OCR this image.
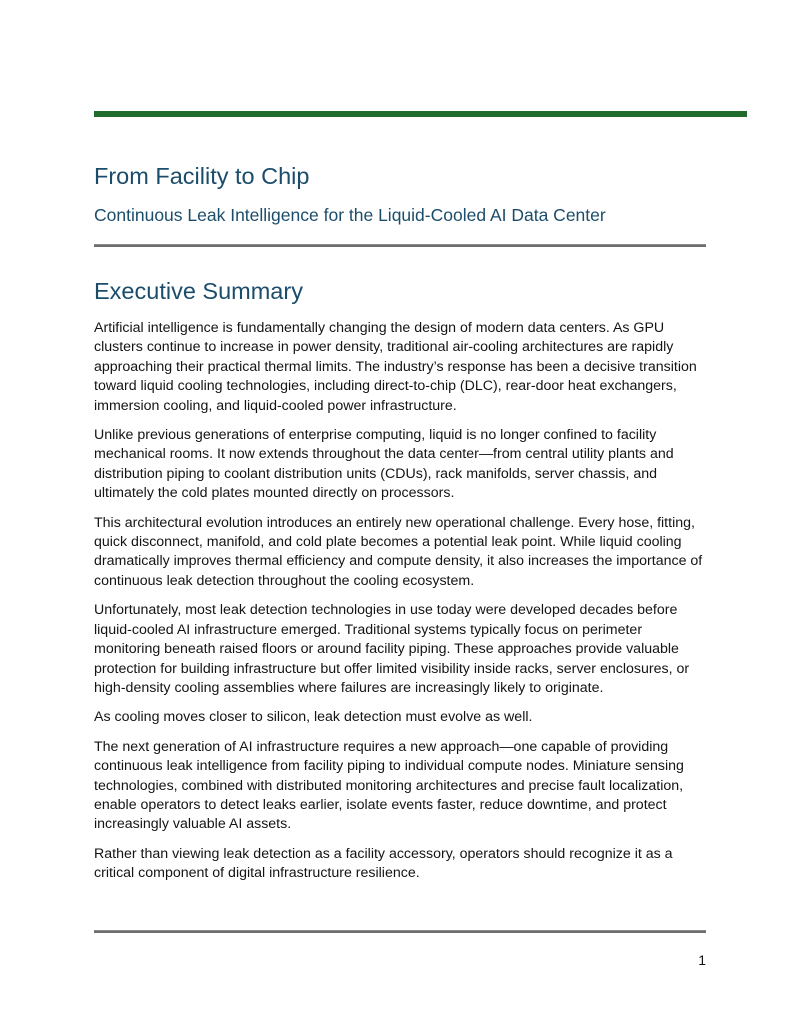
From Facility to Chip
Continuous Leak Intelligence for the Liquid-Cooled AI Data Center
Executive Summary

Artificial intelligence is fundamentally changing the design of modern data centers. As GPU clusters continue to increase in power density, traditional air-cooling architectures are rapidly approaching their practical thermal limits. The industry’s response has been a decisive transition toward liquid cooling technologies, including direct-to-chip (DLC), rear-door heat exchangers, immersion cooling, and liquid-cooled power infrastructure.

Unlike previous generations of enterprise computing, liquid is no longer confined to facility mechanical rooms. It now extends throughout the data center—from central utility plants and distribution piping to coolant distribution units (CDUs), rack manifolds, server chassis, and ultimately the cold plates mounted directly on processors.

This architectural evolution introduces an entirely new operational challenge. Every hose, fitting, quick disconnect, manifold, and cold plate becomes a potential leak point. While liquid cooling dramatically improves thermal efficiency and compute density, it also increases the importance of continuous leak detection throughout the cooling ecosystem.

Unfortunately, most leak detection technologies in use today were developed decades before liquid-cooled AI infrastructure emerged. Traditional systems typically focus on perimeter monitoring beneath raised floors or around facility piping. These approaches provide valuable protection for building infrastructure but offer limited visibility inside racks, server enclosures, or high-density cooling assemblies where failures are increasingly likely to originate.

As cooling moves closer to silicon, leak detection must evolve as well.

The next generation of AI infrastructure requires a new approach—one capable of providing continuous leak intelligence from facility piping to individual compute nodes. Miniature sensing technologies, combined with distributed monitoring architectures and precise fault localization, enable operators to detect leaks earlier, isolate events faster, reduce downtime, and protect increasingly valuable AI assets.

Rather than viewing leak detection as a facility accessory, operators should recognize it as a critical component of digital infrastructure resilience.

1
